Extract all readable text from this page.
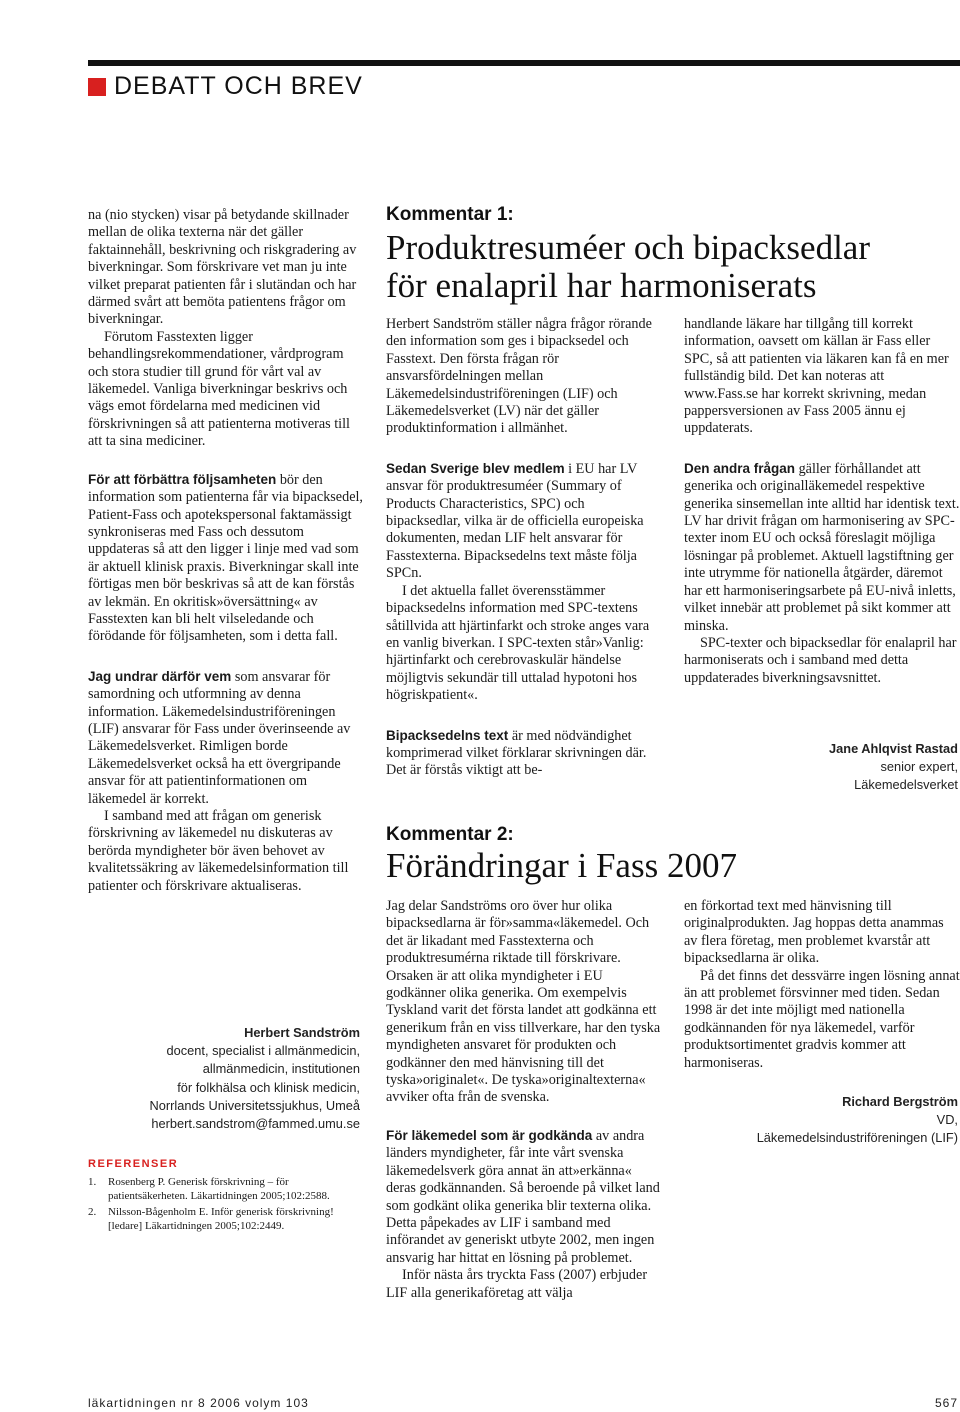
DEBATT OCH BREV

na (nio stycken) visar på betydande skillnader mellan de olika texterna när det gäller faktainnehåll, beskrivning och riskgradering av biverkningar. Som förskrivare vet man ju inte vilket preparat patienten får i slutändan och har därmed svårt att bemöta patientens frågor om biverkningar.

Förutom Fasstexten ligger behandlingsrekommendationer, vårdprogram och stora studier till grund för vårt val av läkemedel. Vanliga biverkningar beskrivs och vägs emot fördelarna med medicinen vid förskrivningen så att patienterna motiveras till att ta sina mediciner.

För att förbättra följsamheten bör den information som patienterna får via bipacksedel, Patient-Fass och apotekspersonal faktamässigt synkroniseras med Fass och dessutom uppdateras så att den ligger i linje med vad som är aktuell klinisk praxis. Biverkningar skall inte förtigas men bör beskrivas så att de kan förstås av lekmän. En okritisk»översättning« av Fasstexten kan bli helt vilseledande och förödande för följsamheten, som i detta fall.

Jag undrar därför vem som ansvarar för samordning och utformning av denna information. Läkemedelsindustriföreningen (LIF) ansvarar för Fass under överinseende av Läkemedelsverket. Rimligen borde Läkemedelsverket också ha ett övergripande ansvar för att patientinformationen om läkemedel är korrekt.

I samband med att frågan om generisk förskrivning av läkemedel nu diskuteras av berörda myndigheter bör även behovet av kvalitetssäkring av läkemedelsinformation till patienter och förskrivare aktualiseras.

Herbert Sandström
docent, specialist i allmänmedicin,
allmänmedicin, institutionen
för folkhälsa och klinisk medicin,
Norrlands Universitetssjukhus, Umeå
herbert.sandstrom@fammed.umu.se
REFERENSER
1.	Rosenberg P. Generisk förskrivning – för patientsäkerheten. Läkartidningen 2005;102:2588.
2.	Nilsson-Bågenholm E. Inför generisk förskrivning! [ledare] Läkartidningen 2005;102:2449.
Kommentar 1:
Produktresuméer och bipacksedlar
för enalapril har harmoniserats

Herbert Sandström ställer några frågor rörande den information som ges i bipacksedel och Fasstext. Den första frågan rör ansvarsfördelningen mellan Läkemedelsindustriföreningen (LIF) och Läkemedelsverket (LV) när det gäller produktinformation i allmänhet.

Sedan Sverige blev medlem i EU har LV ansvar för produktresuméer (Summary of Products Characteristics, SPC) och bipacksedlar, vilka är de officiella europeiska dokumenten, medan LIF helt ansvarar för Fasstexterna. Bipacksedelns text måste följa SPCn.

I det aktuella fallet överensstämmer bipacksedelns information med SPC-textens såtillvida att hjärtinfarkt och stroke anges vara en vanlig biverkan. I SPC-texten står»Vanlig: hjärtinfarkt och cerebrovaskulär händelse möjligtvis sekundär till uttalad hypotoni hos högriskpatient«.

Bipacksedelns text är med nödvändighet komprimerad vilket förklarar skrivningen där. Det är förstås viktigt att be-

handlande läkare har tillgång till korrekt information, oavsett om källan är Fass eller SPC, så att patienten via läkaren kan få en mer fullständig bild. Det kan noteras att www.Fass.se har korrekt skrivning, medan pappersversionen av Fass 2005 ännu ej uppdaterats.

Den andra frågan gäller förhållandet att generika och originalläkemedel respektive generika sinsemellan inte alltid har identisk text. LV har drivit frågan om harmonisering av SPC-texter inom EU och också föreslagit möjliga lösningar på problemet. Aktuell lagstiftning ger inte utrymme för nationella åtgärder, däremot har ett harmoniseringsarbete på EU-nivå inletts, vilket innebär att problemet på sikt kommer att minska.

SPC-texter och bipacksedlar för enalapril har harmoniserats och i samband med detta uppdaterades biverkningsavsnittet.

Jane Ahlqvist Rastad
senior expert,
Läkemedelsverket
Kommentar 2:
Förändringar i Fass 2007

Jag delar Sandströms oro över hur olika bipacksedlarna är för»samma«läkemedel. Och det är likadant med Fasstexterna och produktresumérna riktade till förskrivare. Orsaken är att olika myndigheter i EU godkänner olika generika. Om exempelvis Tyskland varit det första landet att godkänna ett generikum från en viss tillverkare, har den tyska myndigheten ansvaret för produkten och godkänner den med hänvisning till det tyska»originalet«. De tyska»originaltexterna« avviker ofta från de svenska.

För läkemedel som är godkända av andra länders myndigheter, får inte vårt svenska läkemedelsverk göra annat än att»erkänna« deras godkännanden. Så beroende på vilket land som godkänt olika generika blir texterna olika. Detta påpekades av LIF i samband med införandet av generiskt utbyte 2002, men ingen ansvarig har hittat en lösning på problemet.

Inför nästa års tryckta Fass (2007) erbjuder LIF alla generikaföretag att välja

en förkortad text med hänvisning till originalprodukten. Jag hoppas detta anammas av flera företag, men problemet kvarstår att bipacksedlarna är olika.

På det finns det dessvärre ingen lösning annat än att problemet försvinner med tiden. Sedan 1998 är det inte möjligt med nationella godkännanden för nya läkemedel, varför produktsortimentet gradvis kommer att harmoniseras.

Richard Bergström
VD,
Läkemedelsindustriföreningen (LIF)
läkartidningen nr 8 2006 volym 103	567
